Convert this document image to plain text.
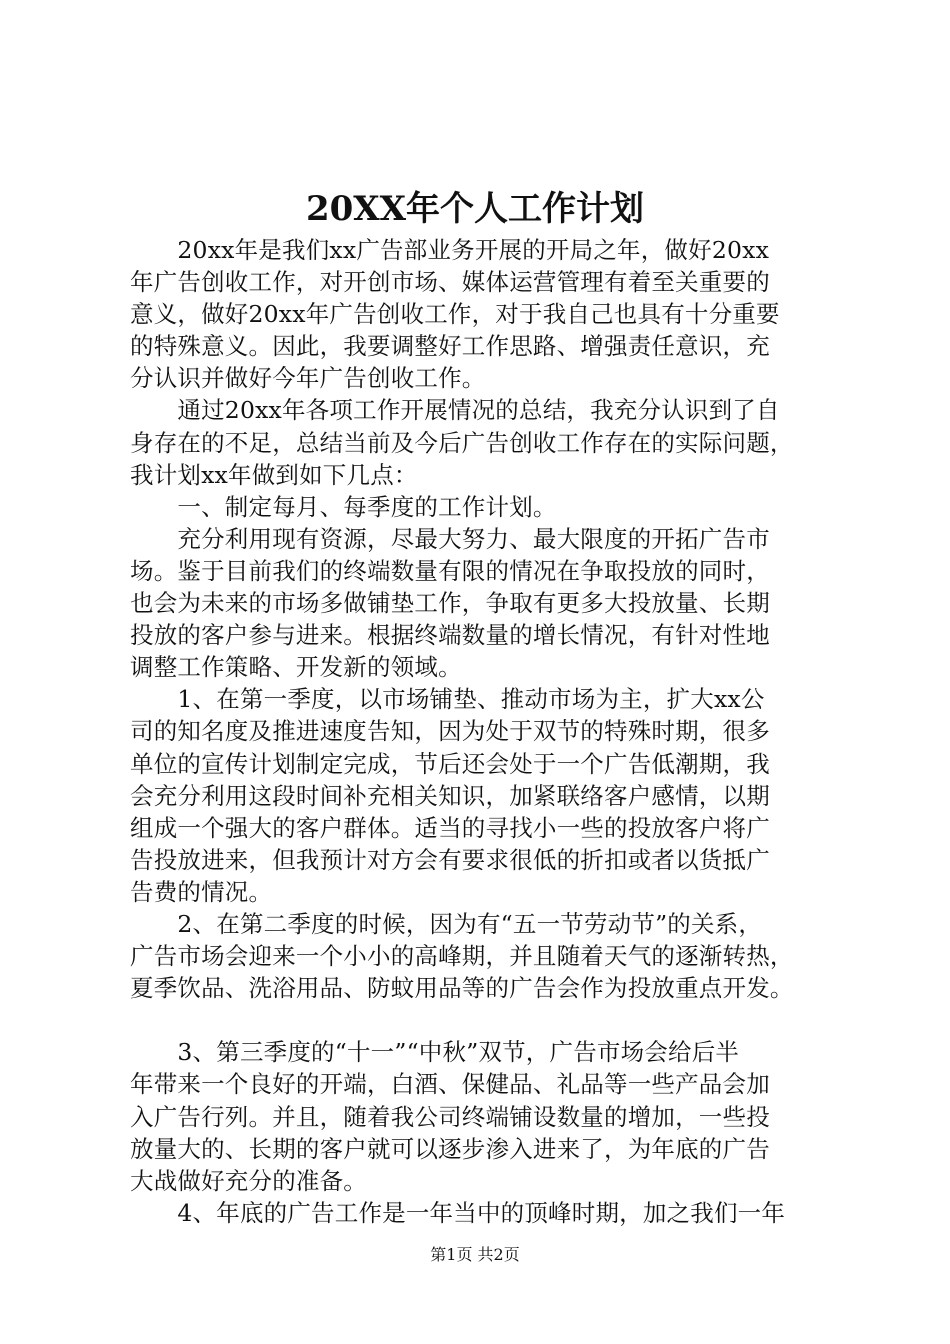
20XX年个人工作计划
　　20xx年是我们xx广告部业务开展的开局之年，做好20xx
年广告创收工作，对开创市场、媒体运营管理有着至关重要的
意义，做好20xx年广告创收工作，对于我自己也具有十分重要
的特殊意义。因此，我要调整好工作思路、增强责任意识，充
分认识并做好今年广告创收工作。
　　通过20xx年各项工作开展情况的总结，我充分认识到了自
身存在的不足，总结当前及今后广告创收工作存在的实际问题，
我计划xx年做到如下几点：
　　一、制定每月、每季度的工作计划。
　　充分利用现有资源，尽最大努力、最大限度的开拓广告市
场。鉴于目前我们的终端数量有限的情况在争取投放的同时，
也会为未来的市场多做铺垫工作，争取有更多大投放量、长期
投放的客户参与进来。根据终端数量的增长情况，有针对性地
调整工作策略、开发新的领域。
　　1、在第一季度，以市场铺垫、推动市场为主，扩大xx公
司的知名度及推进速度告知，因为处于双节的特殊时期，很多
单位的宣传计划制定完成，节后还会处于一个广告低潮期，我
会充分利用这段时间补充相关知识，加紧联络客户感情，以期
组成一个强大的客户群体。适当的寻找小一些的投放客户将广
告投放进来，但我预计对方会有要求很低的折扣或者以货抵广
告费的情况。
　　2、在第二季度的时候，因为有“五一节劳动节”的关系，
广告市场会迎来一个小小的高峰期，并且随着天气的逐渐转热，
夏季饮品、洗浴用品、防蚊用品等的广告会作为投放重点开发。
　　3、第三季度的“十一”“中秋”双节，广告市场会给后半
年带来一个良好的开端，白酒、保健品、礼品等一些产品会加
入广告行列。并且，随着我公司终端铺设数量的增加，一些投
放量大的、长期的客户就可以逐步渗入进来了，为年底的广告
大战做好充分的准备。
　　4、年底的广告工作是一年当中的顶峰时期，加之我们一年
第1页 共2页
